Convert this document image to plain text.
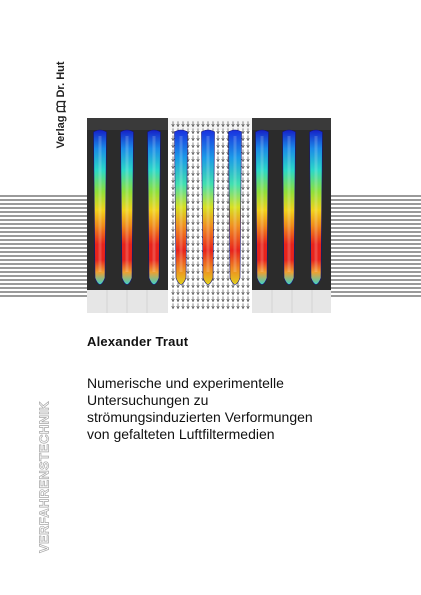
Verlag
Dr. Hut
Alexander Traut
Numerische und experimentelle
Untersuchungen zu
strömungsinduzierten Verformungen
von gefalteten Luftfiltermedien
VERFAHRENSTECHNIK
